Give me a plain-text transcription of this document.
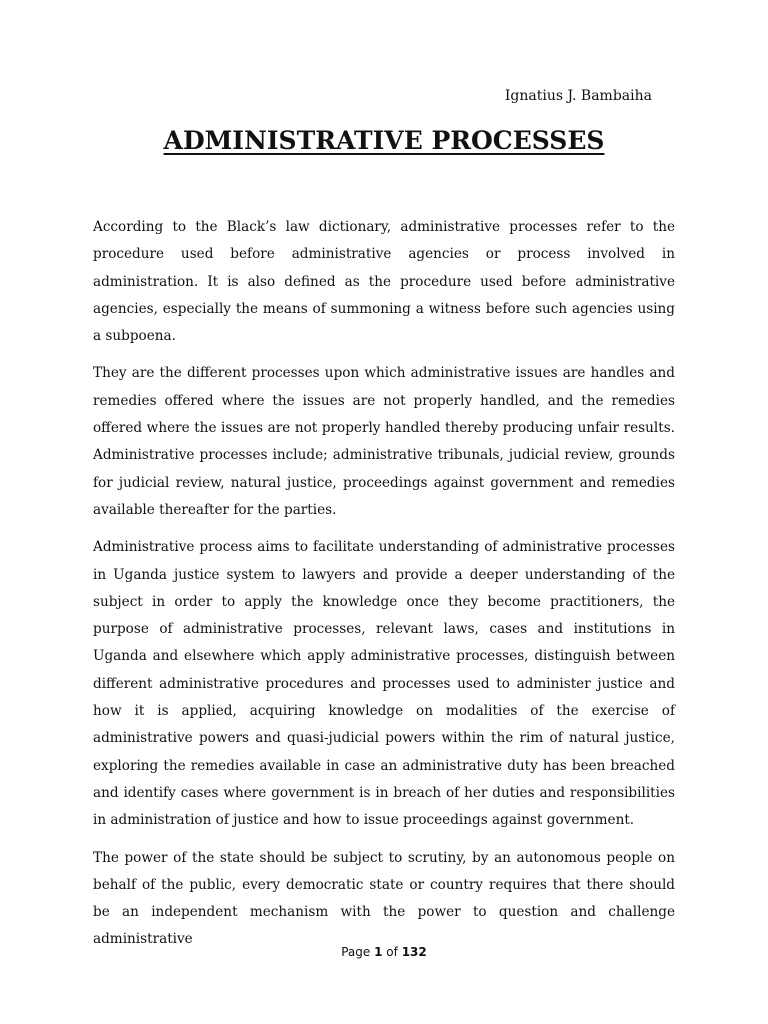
Ignatius J. Bambaiha
ADMINISTRATIVE PROCESSES

According to the Black’s law dictionary, administrative processes refer to the procedure used before administrative agencies or process involved in administration. It is also defined as the procedure used before administrative agencies, especially the means of summoning a witness before such agencies using a subpoena.

They are the different processes upon which administrative issues are handles and remedies offered where the issues are not properly handled, and the remedies offered where the issues are not properly handled thereby producing unfair results. Administrative processes include; administrative tribunals, judicial review, grounds for judicial review, natural justice, proceedings against government and remedies available thereafter for the parties.

Administrative process aims to facilitate understanding of administrative processes in Uganda justice system to lawyers and provide a deeper understanding of the subject in order to apply the knowledge once they become practitioners, the purpose of administrative processes, relevant laws, cases and institutions in Uganda and elsewhere which apply administrative processes, distinguish between different administrative procedures and processes used to administer justice and how it is applied, acquiring knowledge on modalities of the exercise of administrative powers and quasi-judicial powers within the rim of natural justice, exploring the remedies available in case an administrative duty has been breached and identify cases where government is in breach of her duties and responsibilities in administration of justice and how to issue proceedings against government.

The power of the state should be subject to scrutiny, by an autonomous people on behalf of the public, every democratic state or country requires that there should be an independent mechanism with the power to question and challenge administrative

Page 1 of 132
